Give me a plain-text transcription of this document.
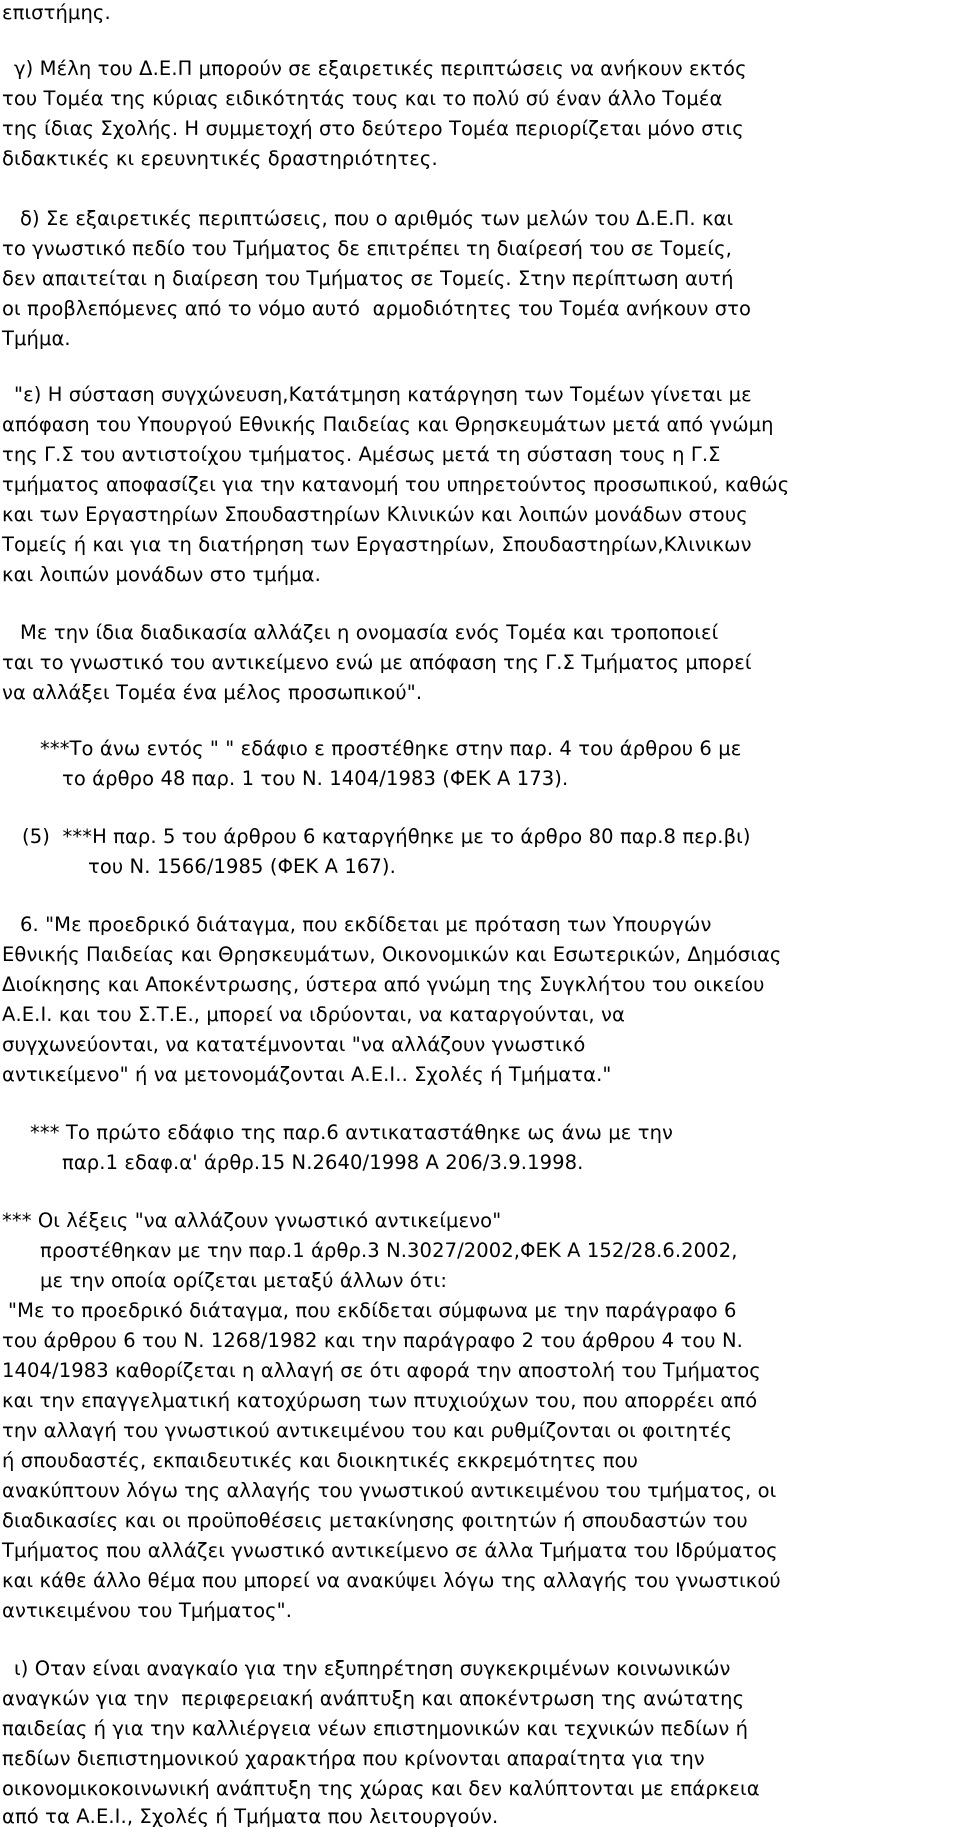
επιστήμης.

γ) Μέλη του Δ.Ε.Π μπορούν σε εξαιρετικές περιπτώσεις να ανήκουν εκτός

του Τομέα της κύριας ειδικότητάς τους και το πολύ σύ έναν άλλο Τομέα

της ίδιας Σχολής. Η συμμετοχή στο δεύτερο Τομέα περιορίζεται μόνο στις

διδακτικές κι ερευνητικές δραστηριότητες.

δ) Σε εξαιρετικές περιπτώσεις, που ο αριθμός των μελών του Δ.Ε.Π. και

το γνωστικό πεδίο του Τμήματος δε επιτρέπει τη διαίρεσή του σε Τομείς,

δεν απαιτείται η διαίρεση του Τμήματος σε Τομείς. Στην περίπτωση αυτή

οι προβλεπόμενες από το νόμο αυτό  αρμοδιότητες του Τομέα ανήκουν στο

Τμήμα.

"ε) Η σύσταση συγχώνευση,Κατάτμηση κατάργηση των Τομέων γίνεται με

απόφαση του Υπουργού Εθνικής Παιδείας και Θρησκευμάτων μετά από γνώμη

της Γ.Σ του αντιστοίχου τμήματος. Αμέσως μετά τη σύσταση τους η Γ.Σ

τμήματος αποφασίζει για την κατανομή του υπηρετούντος προσωπικού, καθώς

και των Εργαστηρίων Σπουδαστηρίων Κλινικών και λοιπών μονάδων στους

Τομείς ή και για τη διατήρηση των Εργαστηρίων, Σπουδαστηρίων,Κλινικων

και λοιπών μονάδων στο τμήμα.

Με την ίδια διαδικασία αλλάζει η ονομασία ενός Τομέα και τροποποιεί

ται το γνωστικό του αντικείμενο ενώ με απόφαση της Γ.Σ Τμήματος μπορεί

να αλλάξει Τομέα ένα μέλος προσωπικού".

***Το άνω εντός " " εδάφιο ε προστέθηκε στην παρ. 4 του άρθρου 6 με

το άρθρο 48 παρ. 1 του Ν. 1404/1983 (ΦΕΚ Α 173).

(5)  ***Η παρ. 5 του άρθρου 6 καταργήθηκε με το άρθρο 80 παρ.8 περ.βι)

του Ν. 1566/1985 (ΦΕΚ Α 167).

6. "Με προεδρικό διάταγμα, που εκδίδεται με πρόταση των Υπουργών

Εθνικής Παιδείας και Θρησκευμάτων, Οικονομικών και Εσωτερικών, Δημόσιας

Διοίκησης και Αποκέντρωσης, ύστερα από γνώμη της Συγκλήτου του οικείου

Α.Ε.Ι. και του Σ.Τ.Ε., μπορεί να ιδρύονται, να καταργούνται, να

συγχωνεύονται, να κατατέμνονται "να αλλάζουν γνωστικό

αντικείμενο" ή να μετονομάζονται Α.Ε.Ι.. Σχολές ή Τμήματα."

*** Το πρώτο εδάφιο της παρ.6 αντικαταστάθηκε ως άνω με την

παρ.1 εδαφ.α' άρθρ.15 Ν.2640/1998 Α 206/3.9.1998.

*** Οι λέξεις "να αλλάζουν γνωστικό αντικείμενο"

προστέθηκαν με την παρ.1 άρθρ.3 Ν.3027/2002,ΦΕΚ Α 152/28.6.2002,

με την οποία ορίζεται μεταξύ άλλων ότι:

"Με το προεδρικό διάταγμα, που εκδίδεται σύμφωνα με την παράγραφο 6

του άρθρου 6 του Ν. 1268/1982 και την παράγραφο 2 του άρθρου 4 του Ν.

1404/1983 καθορίζεται η αλλαγή σε ότι αφορά την αποστολή του Τμήματος

και την επαγγελματική κατοχύρωση των πτυχιούχων του, που απορρέει από

την αλλαγή του γνωστικού αντικειμένου του και ρυθμίζονται οι φοιτητές

ή σπουδαστές, εκπαιδευτικές και διοικητικές εκκρεμότητες που

ανακύπτουν λόγω της αλλαγής του γνωστικού αντικειμένου του τμήματος, οι

διαδικασίες και οι προϋποθέσεις μετακίνησης φοιτητών ή σπουδαστών του

Τμήματος που αλλάζει γνωστικό αντικείμενο σε άλλα Τμήματα του Ιδρύματος

και κάθε άλλο θέμα που μπορεί να ανακύψει λόγω της αλλαγής του γνωστικού

αντικειμένου του Τμήματος".

ι) Οταν είναι αναγκαίο για την εξυπηρέτηση συγκεκριμένων κοινωνικών

αναγκών για την  περιφερειακή ανάπτυξη και αποκέντρωση της ανώτατης

παιδείας ή για την καλλιέργεια νέων επιστημονικών και τεχνικών πεδίων ή

πεδίων διεπιστημονικού χαρακτήρα που κρίνονται απαραίτητα για την

οικονομικοκοινωνική ανάπτυξη της χώρας και δεν καλύπτονται με επάρκεια

από τα Α.Ε.Ι., Σχολές ή Τμήματα που λειτουργούν.
